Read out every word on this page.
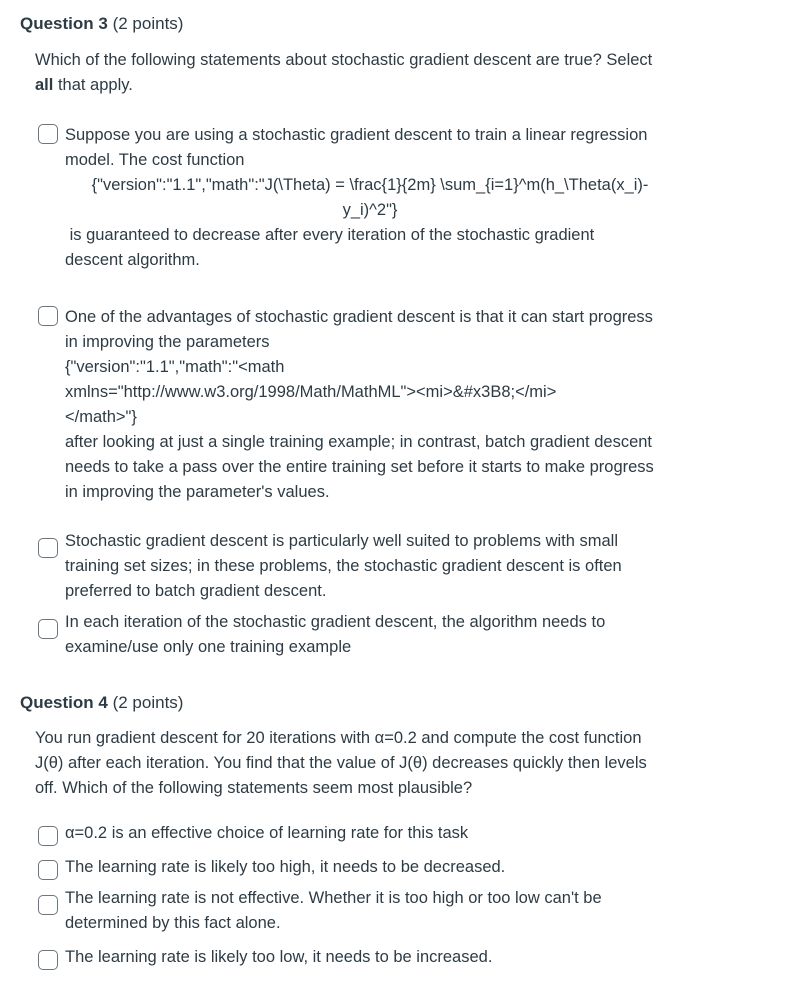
Question 3 (2 points)
Which of the following statements about stochastic gradient descent are true? Select
all that apply.
Suppose you are using a stochastic gradient descent to train a linear regression
model. The cost function
{"version":"1.1","math":"J(\Theta) = \frac{1}{2m} \sum_{i=1}^m(h_\Theta(x_i)-
y_i)^2"}
is guaranteed to decrease after every iteration of the stochastic gradient
descent algorithm.
One of the advantages of stochastic gradient descent is that it can start progress
in improving the parameters
{"version":"1.1","math":"<math
xmlns="http://www.w3.org/1998/Math/MathML"><mi>&#x3B8;</mi>
</math>"}
after looking at just a single training example; in contrast, batch gradient descent
needs to take a pass over the entire training set before it starts to make progress
in improving the parameter's values.
Stochastic gradient descent is particularly well suited to problems with small
training set sizes; in these problems, the stochastic gradient descent is often
preferred to batch gradient descent.
In each iteration of the stochastic gradient descent, the algorithm needs to
examine/use only one training example
Question 4 (2 points)
You run gradient descent for 20 iterations with α=0.2 and compute the cost function
J(θ) after each iteration. You find that the value of J(θ) decreases quickly then levels
off. Which of the following statements seem most plausible?
α=0.2 is an effective choice of learning rate for this task
The learning rate is likely too high, it needs to be decreased.
The learning rate is not effective. Whether it is too high or too low can't be
determined by this fact alone.
The learning rate is likely too low, it needs to be increased.
